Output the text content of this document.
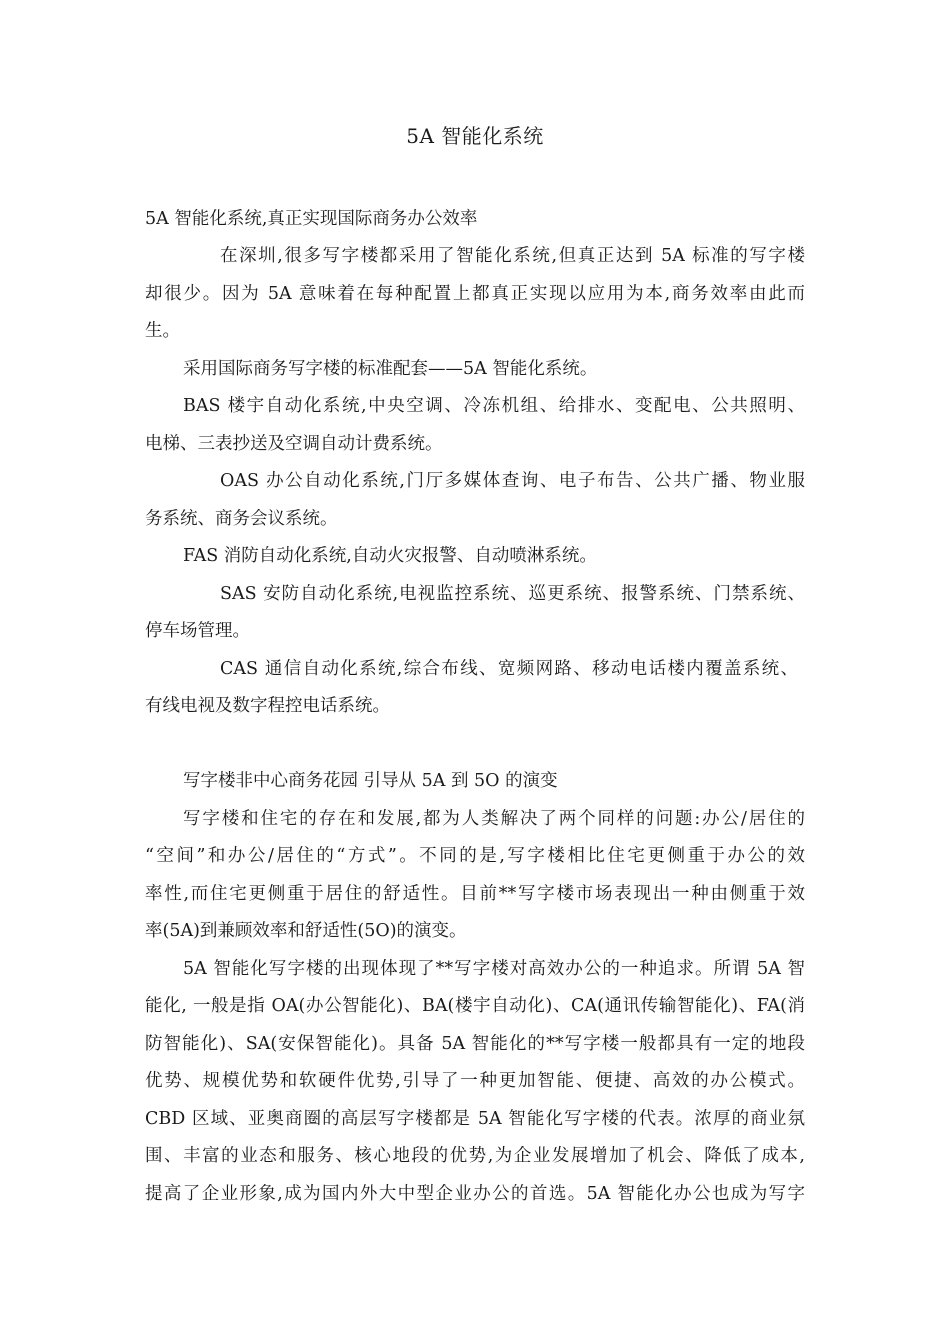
5A 智能化系统
5A 智能化系统,真正实现国际商务办公效率
在深圳,很多写字楼都采用了智能化系统,但真正达到 5A 标准的写字楼
却很少。因为 5A 意味着在每种配置上都真正实现以应用为本,商务效率由此而
生。
采用国际商务写字楼的标准配套——5A 智能化系统。
BAS 楼宇自动化系统,中央空调、冷冻机组、给排水、变配电、公共照明、
电梯、三表抄送及空调自动计费系统。
OAS 办公自动化系统,门厅多媒体查询、电子布告、公共广播、物业服
务系统、商务会议系统。
FAS 消防自动化系统,自动火灾报警、自动喷淋系统。
SAS 安防自动化系统,电视监控系统、巡更系统、报警系统、门禁系统、
停车场管理。
CAS 通信自动化系统,综合布线、宽频网路、移动电话楼内覆盖系统、
有线电视及数字程控电话系统。
写字楼非中心商务花园 引导从 5A 到 5O 的演变
写字楼和住宅的存在和发展,都为人类解决了两个同样的问题:办公/居住的
“空间”和办公/居住的“方式”。不同的是,写字楼相比住宅更侧重于办公的效
率性,而住宅更侧重于居住的舒适性。目前**写字楼市场表现出一种由侧重于效
率(5A)到兼顾效率和舒适性(5O)的演变。
5A 智能化写字楼的出现体现了**写字楼对高效办公的一种追求。所谓 5A 智
能化, 一般是指 OA(办公智能化)、BA(楼宇自动化)、CA(通讯传输智能化)、FA(消
防智能化)、SA(安保智能化)。具备 5A 智能化的**写字楼一般都具有一定的地段
优势、规模优势和软硬件优势,引导了一种更加智能、便捷、高效的办公模式。
CBD 区域、亚奥商圈的高层写字楼都是 5A 智能化写字楼的代表。浓厚的商业氛
围、丰富的业态和服务、核心地段的优势,为企业发展增加了机会、降低了成本,
提高了企业形象,成为国内外大中型企业办公的首选。5A 智能化办公也成为写字
